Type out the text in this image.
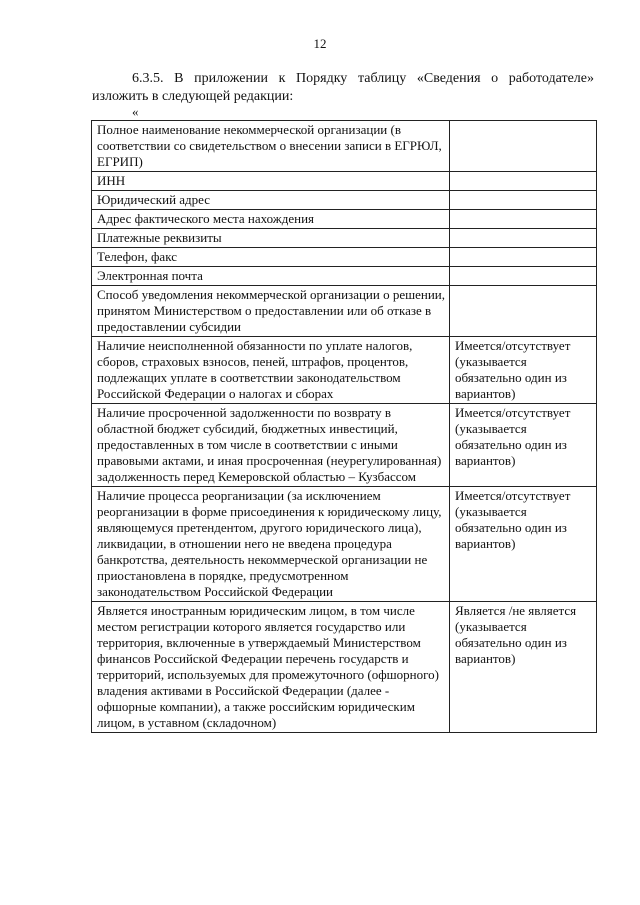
12
6.3.5. В приложении к Порядку таблицу «Сведения о работодателе»
изложить в следующей редакции:
«
Полное наименование некоммерческой организации (в соответствии со свидетельством о внесении записи в ЕГРЮЛ, ЕГРИП)	
ИНН	
Юридический адрес	
Адрес фактического места нахождения	
Платежные реквизиты	
Телефон, факс	
Электронная почта	
Способ уведомления некоммерческой организации о решении, принятом Министерством о предоставлении или об отказе в предоставлении субсидии	
Наличие неисполненной обязанности по уплате налогов, сборов, страховых взносов, пеней, штрафов, процентов, подлежащих уплате в соответствии законодательством Российской Федерации о налогах и сборах	Имеется/отсутствует (указывается обязательно один из вариантов)
Наличие просроченной задолженности по возврату в областной бюджет субсидий, бюджетных инвестиций, предоставленных в том числе в соответствии с иными правовыми актами, и иная просроченная (неурегулированная) задолженность перед Кемеровской областью – Кузбассом	Имеется/отсутствует (указывается обязательно один из вариантов)
Наличие процесса реорганизации (за исключением реорганизации в форме присоединения к юридическому лицу, являющемуся претендентом, другого юридического лица), ликвидации, в отношении него не введена процедура банкротства, деятельность некоммерческой организации не приостановлена в порядке, предусмотренном законодательством Российской Федерации	Имеется/отсутствует (указывается обязательно один из вариантов)
Является иностранным юридическим лицом, в том числе местом регистрации которого является государство или территория, включенные в утверждаемый Министерством финансов Российской Федерации перечень государств и территорий, используемых для промежуточного (офшорного) владения активами в Российской Федерации (далее - офшорные компании), а также российским юридическим лицом, в уставном (складочном)	Является /не является (указывается обязательно один из вариантов)
